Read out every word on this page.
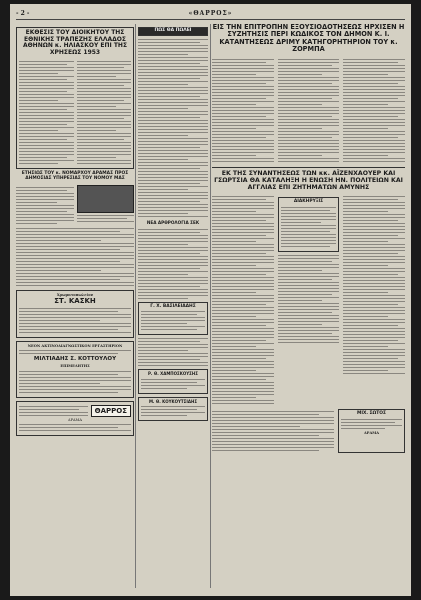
- 2 -	«ΘΑΡΡΟΣ»
ΕΚΘΕΣΙΣ ΤΟΥ ΔΙΟΙΚΗΤΟΥ ΤΗΣ ΕΘΝΙΚΗΣ ΤΡΑΠΕΖΗΣ ΕΛΛΑΔΟΣ ΑΘΗΝΩΝ κ. ΗΛΙΑΣΚΟΥ ΕΠΙ ΤΗΣ ΧΡΗΣΕΩΣ 1953
ΕΤΗΣΙΩΣ ΤΟΥ κ. ΝΟΜΑΡΧΟΥ ΔΡΑΜΑΣ ΠΡΟΣ ΔΗΜΟΣΙΑΣ ΥΠΗΡΕΣΙΑΣ ΤΟΥ ΝΟΜΟΥ ΜΑΣ
Χρωματοπωλείον
ΣΤ. ΚΑΣΚΗ
ΝΕΟΝ ΑΚΤΙΝΟΔΙΑΓΝΩΣΤΙΚΟΝ ΕΡΓΑΣΤΗΡΙΟΝ
ΜΙΛΤΙΑΔΗΣ Σ. ΚΟΤΤΟΥΛΟΥ
ΕΠΙΜΕΛΗΤΗΣ
ΘΑΡΡΟΣ
ΔΡΑΜΑ
ΠΩΣ ΘΑ ΠΩΛΕΙ
ΝΕΑ ΑΡΘΡΟΛΟΓΙΑ ΣΕΚ
Γ. Χ. ΒΑΣΙΛΕΙΑΔΗΣ
Ρ. Θ. ΧΑΜΠΟΣΚΟΥΣΗΣ
Μ. Θ. ΚΟΥΚΟΥΤΣΙΔΗΣ
ΕΙΣ ΤΗΝ ΕΠΙΤΡΟΠΗΝ ΕΞΟΥΣΙΟΔΟΤΗΣΕΩΣ ΗΡΧΙΣΕΝ Η ΣΥΖΗΤΗΣΙΣ ΠΕΡΙ ΚΩΔΙΚΟΣ ΤΟΝ ΔΗΜΟΝ Κ. Ι. ΚΑΤΑΝΤΗΣΕΩΣ ΔΡΙΜΥ ΚΑΤΗΓΟΡΗΤΗΡΙΟΝ ΤΟΥ κ. ΖΟΡΜΠΑ
ΕΚ ΤΗΣ ΣΥΝΑΝΤΗΣΕΩΣ ΤΩΝ κκ. ΑΪΖΕΝΧΑΟΥΕΡ ΚΑΙ ΓΣΩΡΤΣΙΑ ΘΑ ΚΑΤΑΛΗΞΗ Η ΕΝΩΣΗ ΗΝ. ΠΟΛΙΤΕΙΩΝ ΚΑΙ ΑΓΓΛΙΑΣ ΕΠΙ ΖΗΤΗΜΑΤΩΝ ΑΜΥΝΗΣ
ΔΙΑΚΗΡΥΞΙΣ
ΜΙΧ. ΣΩΤΟΣ
ΔΡΑΜΑ
